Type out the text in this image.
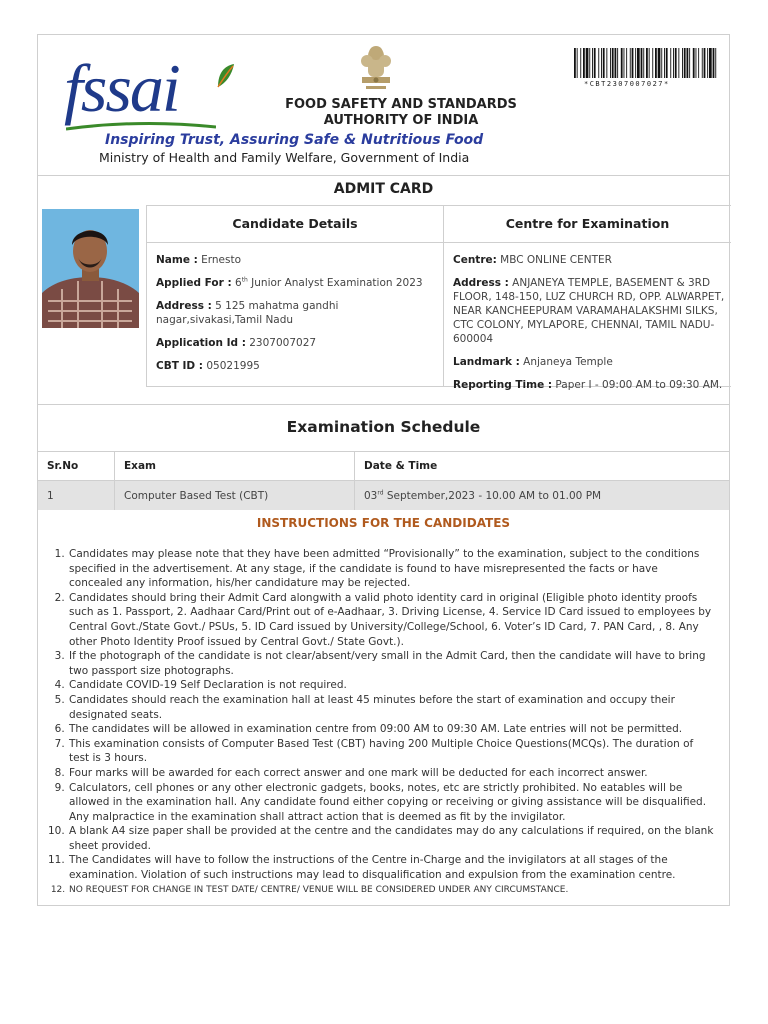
fssai	FOOD SAFETY AND STANDARDS
AUTHORITY OF INDIA
Inspiring Trust, Assuring Safe & Nutritious Food
Ministry of Health and Family Welfare, Government of India
*CBT2307007027*
ADMIT CARD
Candidate Details
Name : Ernesto
Applied For : 6th Junior Analyst Examination 2023
Address : 5 125 mahatma gandhi nagar,sivakasi,Tamil Nadu
Application Id : 2307007027
CBT ID : 05021995
Centre for Examination
Centre: MBC ONLINE CENTER
Address : ANJANEYA TEMPLE, BASEMENT & 3RD FLOOR, 148-150, LUZ CHURCH RD, OPP. ALWARPET, NEAR KANCHEEPURAM VARAMAHALAKSHMI SILKS, CTC COLONY, MYLAPORE, CHENNAI, TAMIL NADU- 600004
Landmark : Anjaneya Temple
Reporting Time : Paper I - 09:00 AM to 09:30 AM.
Examination Schedule
Sr.No	Exam	Date & Time
1	Computer Based Test (CBT)	03rd September,2023 - 10.00 AM to 01.00 PM
INSTRUCTIONS FOR THE CANDIDATES
1. Candidates may please note that they have been admitted “Provisionally” to the examination, subject to the conditions specified in the advertisement. At any stage, if the candidate is found to have misrepresented the facts or have concealed any information, his/her candidature may be rejected.
2. Candidates should bring their Admit Card alongwith a valid photo identity card in original (Eligible photo identity proofs such as 1. Passport, 2. Aadhaar Card/Print out of e-Aadhaar, 3. Driving License, 4. Service ID Card issued to employees by Central Govt./State Govt./ PSUs, 5. ID Card issued by University/College/School, 6. Voter’s ID Card, 7. PAN Card, , 8. Any other Photo Identity Proof issued by Central Govt./ State Govt.).
3. If the photograph of the candidate is not clear/absent/very small in the Admit Card, then the candidate will have to bring two passport size photographs.
4. Candidate COVID-19 Self Declaration is not required.
5. Candidates should reach the examination hall at least 45 minutes before the start of examination and occupy their designated seats.
6. The candidates will be allowed in examination centre from 09:00 AM to 09:30 AM. Late entries will not be permitted.
7. This examination consists of Computer Based Test (CBT) having 200 Multiple Choice Questions(MCQs). The duration of test is 3 hours.
8. Four marks will be awarded for each correct answer and one mark will be deducted for each incorrect answer.
9. Calculators, cell phones or any other electronic gadgets, books, notes, etc are strictly prohibited. No eatables will be allowed in the examination hall. Any candidate found either copying or receiving or giving assistance will be disqualified. Any malpractice in the examination shall attract action that is deemed as fit by the invigilator.
10. A blank A4 size paper shall be provided at the centre and the candidates may do any calculations if required, on the blank sheet provided.
11. The Candidates will have to follow the instructions of the Centre in-Charge and the invigilators at all stages of the examination. Violation of such instructions may lead to disqualification and expulsion from the examination centre.
12. NO REQUEST FOR CHANGE IN TEST DATE/ CENTRE/ VENUE WILL BE CONSIDERED UNDER ANY CIRCUMSTANCE.
